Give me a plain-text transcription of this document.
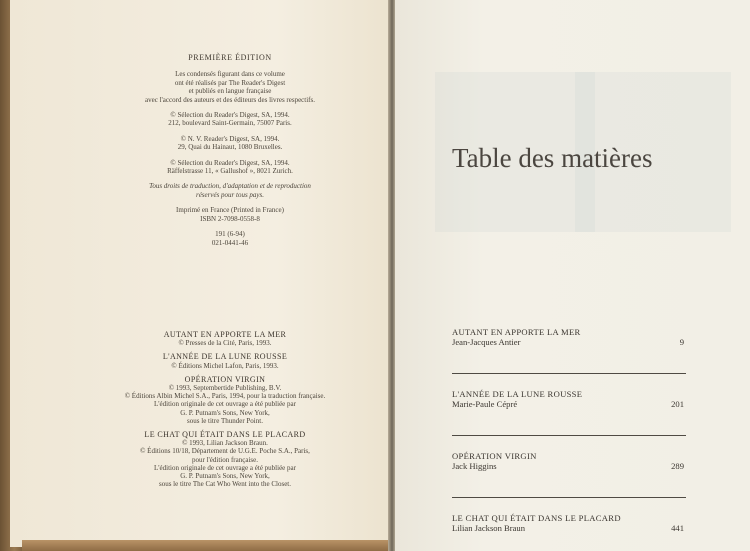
PREMIÈRE ÉDITION

Les condensés figurant dans ce volume
ont été réalisés par The Reader's Digest
et publiés en langue française
avec l'accord des auteurs et des éditeurs des livres respectifs.

© Sélection du Reader's Digest, SA, 1994.
212, boulevard Saint-Germain, 75007 Paris.

© N. V. Reader's Digest, SA, 1994.
29, Quai du Hainaut, 1080 Bruxelles.

© Sélection du Reader's Digest, SA, 1994.
Räffelstrasse 11, « Gallushof », 8021 Zurich.

Tous droits de traduction, d'adaptation et de reproduction
réservés pour tous pays.

Imprimé en France (Printed in France)
ISBN 2-7098-0558-8

191 (6-94)
021-0441-46

AUTANT EN APPORTE LA MER
© Presses de la Cité, Paris, 1993.
L'ANNÉE DE LA LUNE ROUSSE
© Éditions Michel Lafon, Paris, 1993.
OPÉRATION VIRGIN
© 1993, Septembertide Publishing, B.V.
© Éditions Albin Michel S.A., Paris, 1994, pour la traduction française.
L'édition originale de cet ouvrage a été publiée par
G. P. Putnam's Sons, New York,
sous le titre Thunder Point.
LE CHAT QUI ÉTAIT DANS LE PLACARD
© 1993, Lilian Jackson Braun.
© Éditions 10/18, Département de U.G.E. Poche S.A., Paris,
pour l'édition française.
L'édition originale de cet ouvrage a été publiée par
G. P. Putnam's Sons, New York,
sous le titre The Cat Who Went into the Closet.
Table des matières
AUTANT EN APPORTE LA MER
Jean-Jacques Antier	9
L'ANNÉE DE LA LUNE ROUSSE
Marie-Paule Cépré	201
OPÉRATION VIRGIN
Jack Higgins	289
LE CHAT QUI ÉTAIT DANS LE PLACARD
Lilian Jackson Braun	441
